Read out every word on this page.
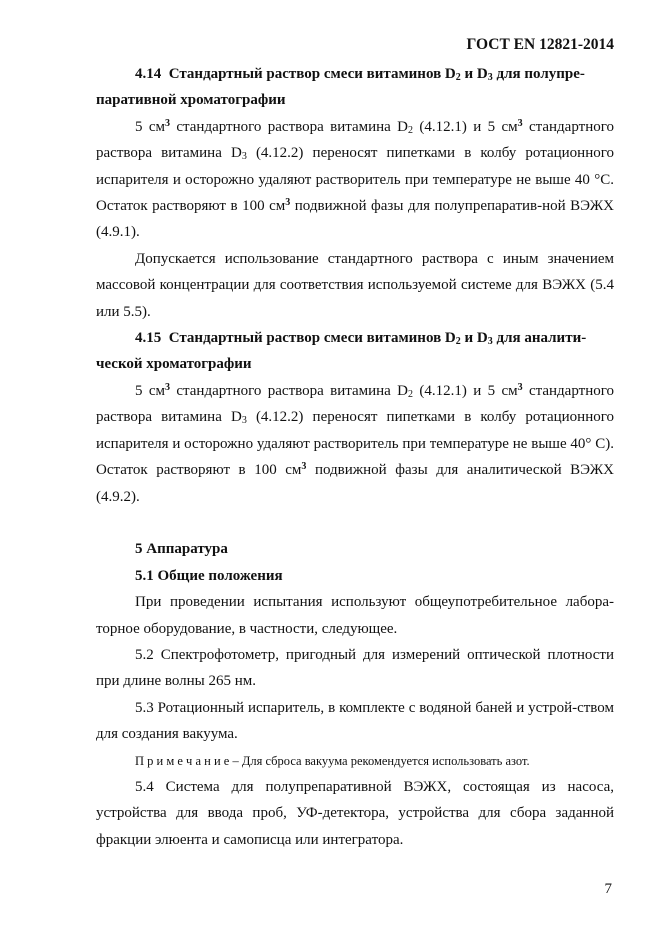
ГОСТ EN 12821-2014

4.14 Стандартный раствор смеси витаминов $D_2$ и $D_3$ для полупре-
паративной хроматографии

5 $см^3$ стандартного раствора витамина $D_2$ (4.12.1) и 5 $см^3$ стандартного раствора витамина $D_3$ (4.12.2) переносят пипетками в колбу ротационного испарителя и осторожно удаляют растворитель при температуре не выше 40 °С. Остаток растворяют в 100 $см^3$ подвижной фазы для полупрепаратив-ной ВЭЖХ (4.9.1).

Допускается использование стандартного раствора с иным значением массовой концентрации для соответствия используемой системе для ВЭЖХ (5.4 или 5.5).

4.15 Стандартный раствор смеси витаминов $D_2$ и $D_3$ для аналити-
ческой хроматографии

5 $см^3$ стандартного раствора витамина $D_2$ (4.12.1) и 5 $см^3$ стандартного раствора витамина $D_3$ (4.12.2) переносят пипетками в колбу ротационного испарителя и осторожно удаляют растворитель при температуре не выше 40° С). Остаток растворяют в 100 $см^3$ подвижной фазы для аналитической ВЭЖХ (4.9.2).

5 Аппаратура

5.1 Общие положения

При проведении испытания используют общеупотребительное лабора-торное оборудование, в частности, следующее.

5.2 Спектрофотометр, пригодный для измерений оптической плотности при длине волны 265 нм.

5.3 Ротационный испаритель, в комплекте с водяной баней и устрой-ством для создания вакуума.

П р и м е ч а н и е – Для сброса вакуума рекомендуется использовать азот.

5.4 Система для полупрепаративной ВЭЖХ, состоящая из насоса, устройства для ввода проб, УФ-детектора, устройства для сбора заданной фракции элюента и самописца или интегратора.

7
